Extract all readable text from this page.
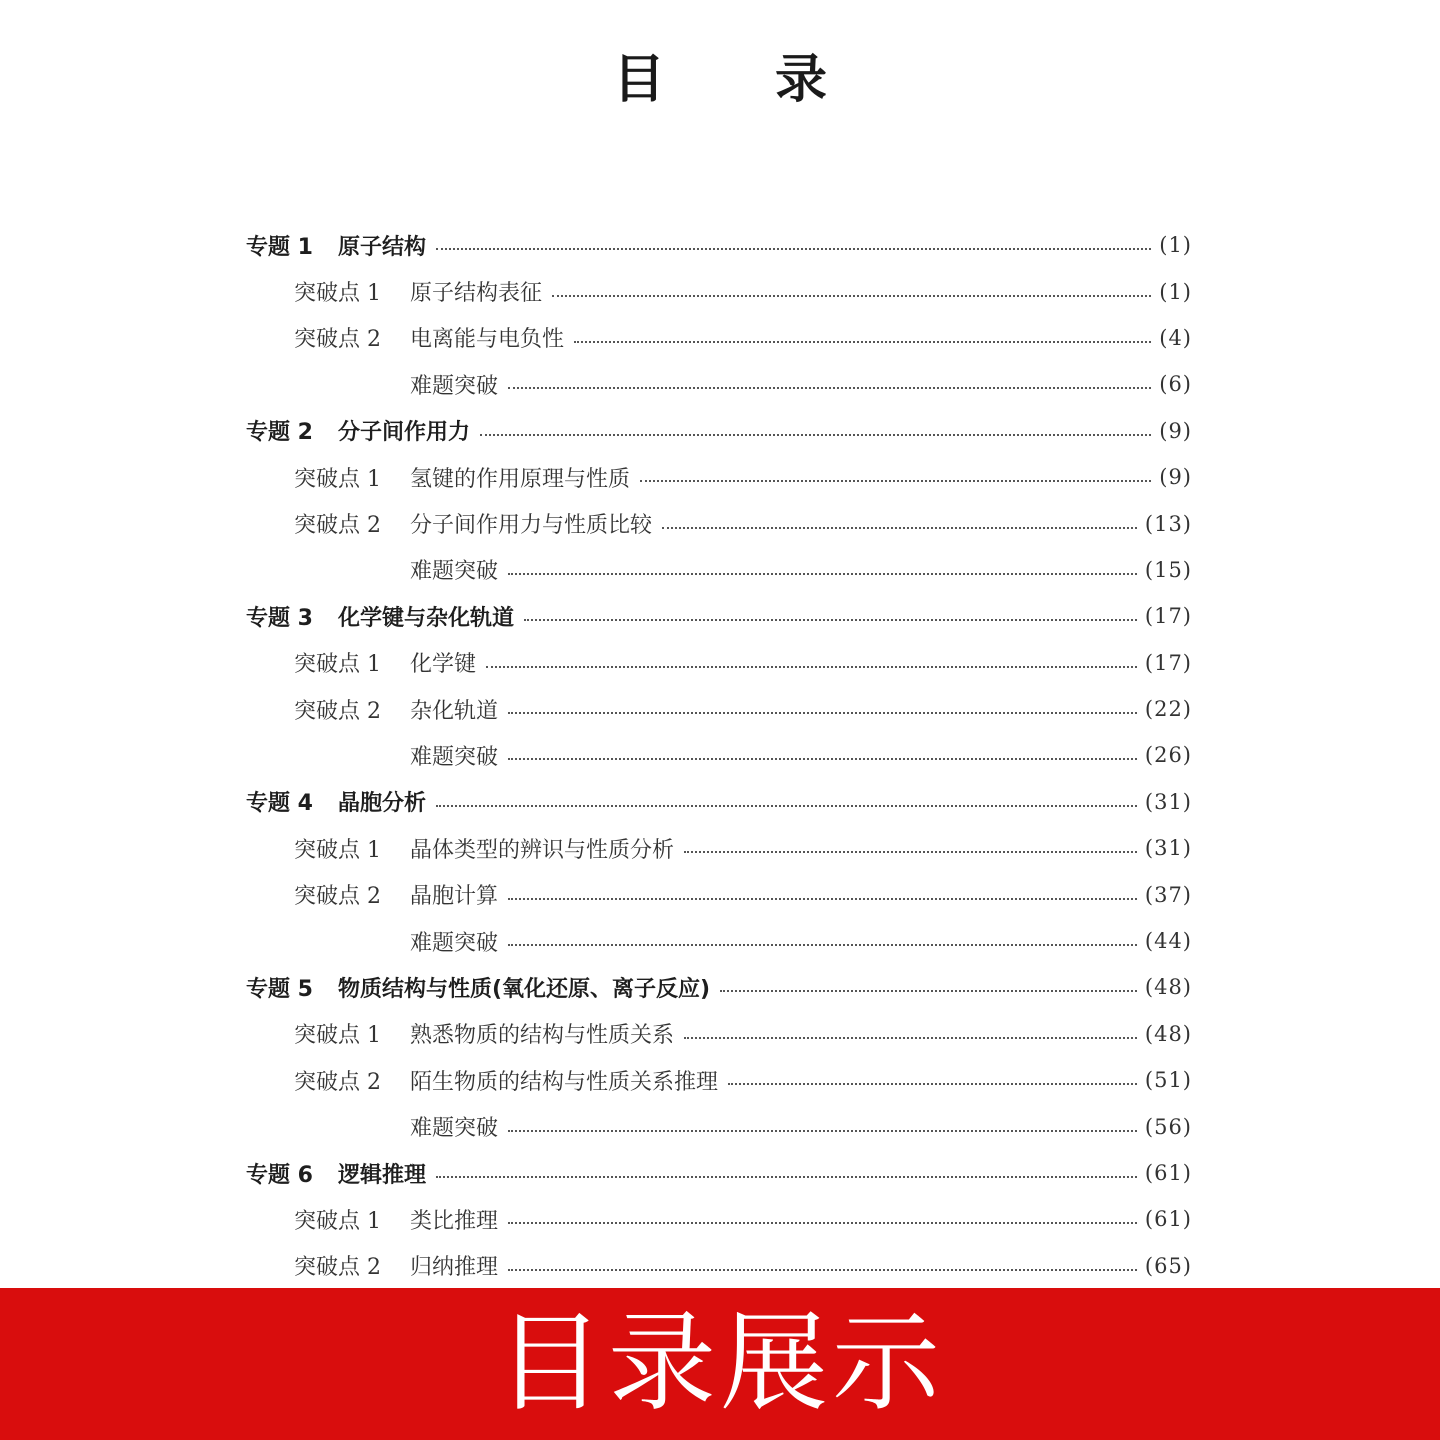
目 录
专题 1	原子结构	(1)
突破点 1	原子结构表征	(1)
突破点 2	电离能与电负性	(4)
难题突破	(6)
专题 2	分子间作用力	(9)
突破点 1	氢键的作用原理与性质	(9)
突破点 2	分子间作用力与性质比较	(13)
难题突破	(15)
专题 3	化学键与杂化轨道	(17)
突破点 1	化学键	(17)
突破点 2	杂化轨道	(22)
难题突破	(26)
专题 4	晶胞分析	(31)
突破点 1	晶体类型的辨识与性质分析	(31)
突破点 2	晶胞计算	(37)
难题突破	(44)
专题 5	物质结构与性质(氧化还原、离子反应)	(48)
突破点 1	熟悉物质的结构与性质关系	(48)
突破点 2	陌生物质的结构与性质关系推理	(51)
难题突破	(56)
专题 6	逻辑推理	(61)
突破点 1	类比推理	(61)
突破点 2	归纳推理	(65)
目录展示
